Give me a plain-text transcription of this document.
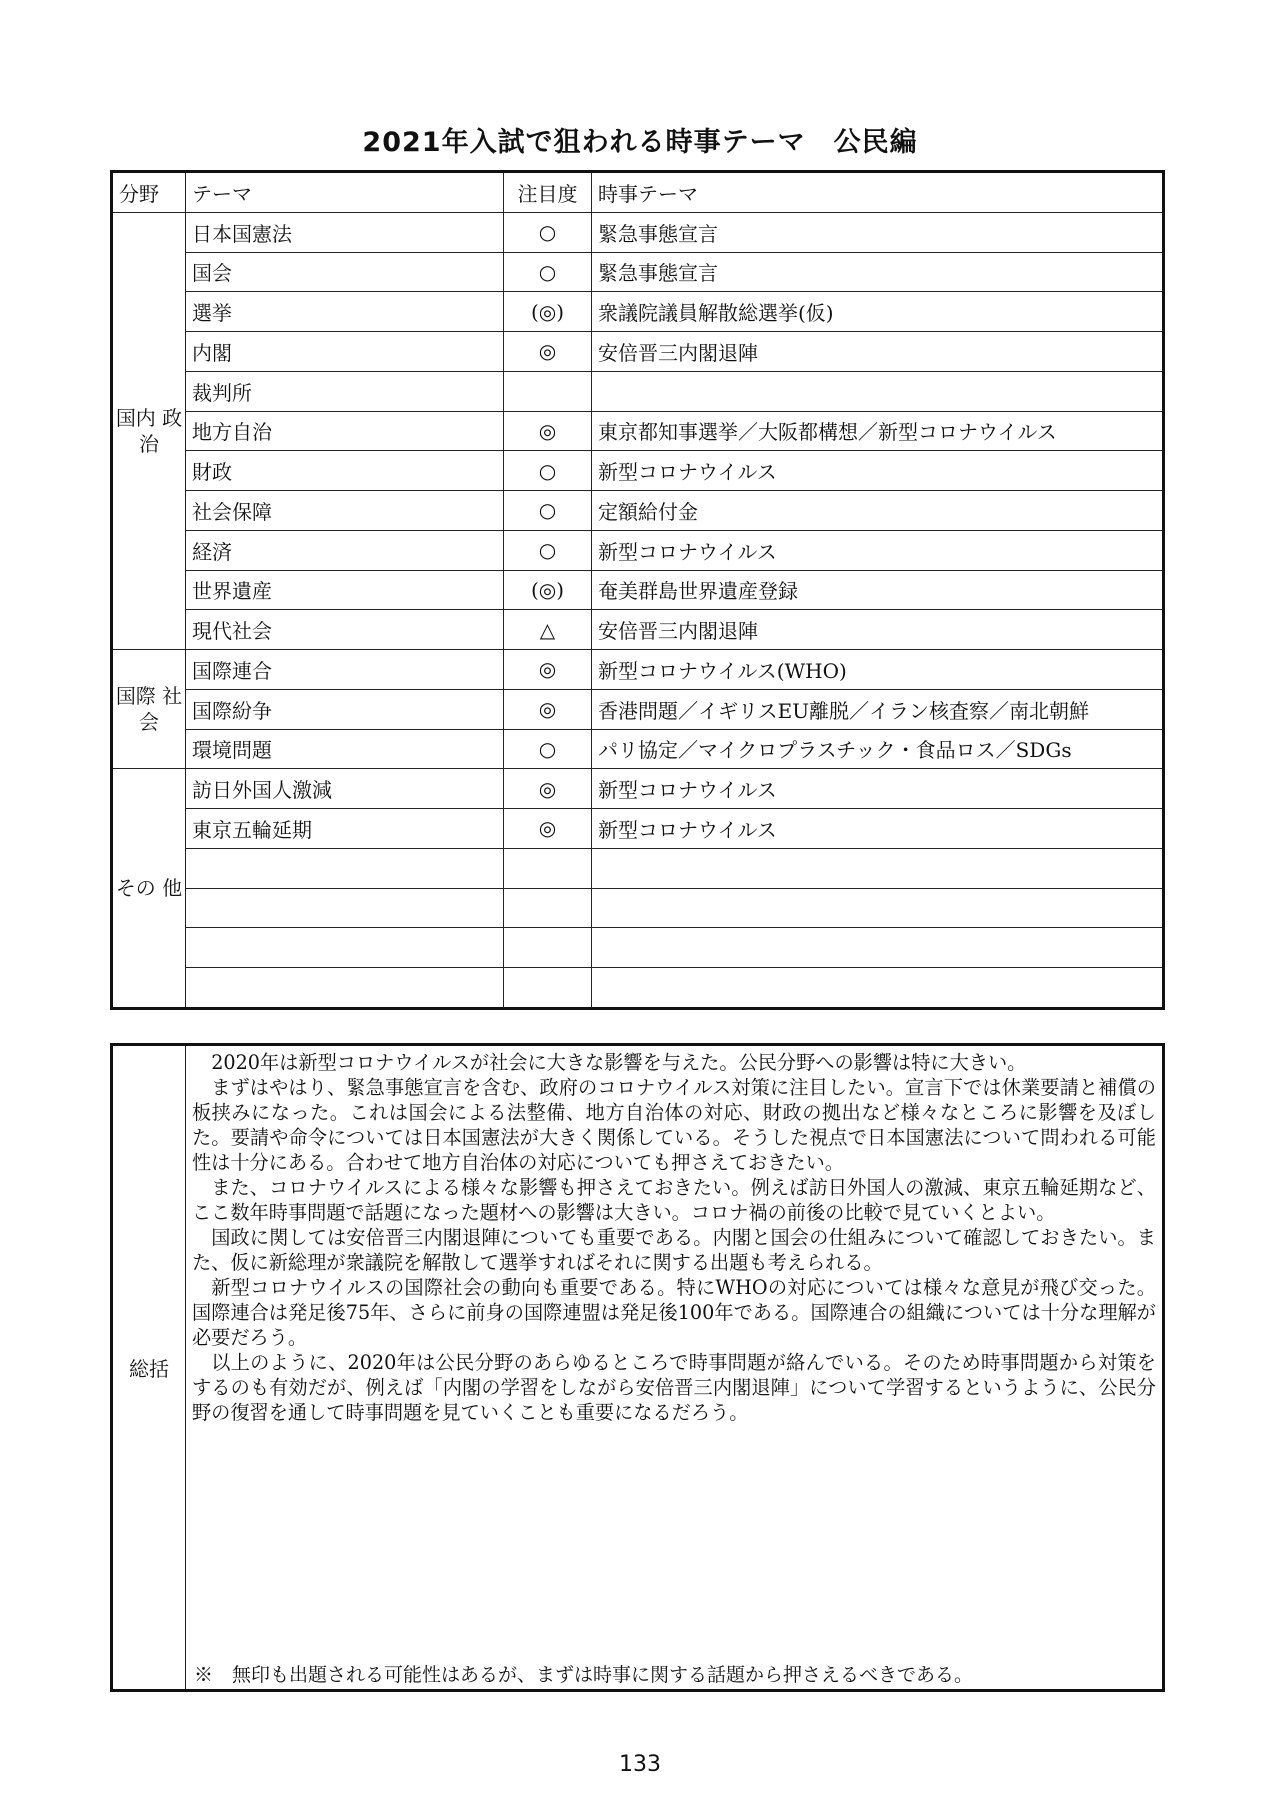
2021年入試で狙われる時事テーマ　公民編
分野	テーマ	注目度	時事テーマ
国内 政治	日本国憲法	○	緊急事態宣言
	国会	○	緊急事態宣言
	選挙	(◎)	衆議院議員解散総選挙(仮)
	内閣	◎	安倍晋三内閣退陣
	裁判所		
	地方自治	◎	東京都知事選挙／大阪都構想／新型コロナウイルス
	財政	○	新型コロナウイルス
	社会保障	○	定額給付金
	経済	○	新型コロナウイルス
	世界遺産	(◎)	奄美群島世界遺産登録
	現代社会	△	安倍晋三内閣退陣
国際 社会	国際連合	◎	新型コロナウイルス(WHO)
	国際紛争	◎	香港問題／イギリスEU離脱／イラン核査察／南北朝鮮
	環境問題	○	パリ協定／マイクロプラスチック・食品ロス／SDGs
その 他	訪日外国人激減	◎	新型コロナウイルス
	東京五輪延期	◎	新型コロナウイルス

総括	

2020年は新型コロナウイルスが社会に大きな影響を与えた。公民分野への影響は特に大きい。

まずはやはり、緊急事態宣言を含む、政府のコロナウイルス対策に注目したい。宣言下では休業要請と補償の板挟みになった。これは国会による法整備、地方自治体の対応、財政の拠出など様々なところに影響を及ぼした。要請や命令については日本国憲法が大きく関係している。そうした視点で日本国憲法について問われる可能性は十分にある。合わせて地方自治体の対応についても押さえておきたい。

また、コロナウイルスによる様々な影響も押さえておきたい。例えば訪日外国人の激減、東京五輪延期など、ここ数年時事問題で話題になった題材への影響は大きい。コロナ禍の前後の比較で見ていくとよい。

国政に関しては安倍晋三内閣退陣についても重要である。内閣と国会の仕組みについて確認しておきたい。また、仮に新総理が衆議院を解散して選挙すればそれに関する出題も考えられる。

新型コロナウイルスの国際社会の動向も重要である。特にWHOの対応については様々な意見が飛び交った。国際連合は発足後75年、さらに前身の国際連盟は発足後100年である。国際連合の組織については十分な理解が必要だろう。

以上のように、2020年は公民分野のあらゆるところで時事問題が絡んでいる。そのため時事問題から対策をするのも有効だが、例えば「内閣の学習をしながら安倍晋三内閣退陣」について学習するというように、公民分野の復習を通して時事問題を見ていくことも重要になるだろう。

※　無印も出題される可能性はあるが、まずは時事に関する話題から押さえるべきである。
133
